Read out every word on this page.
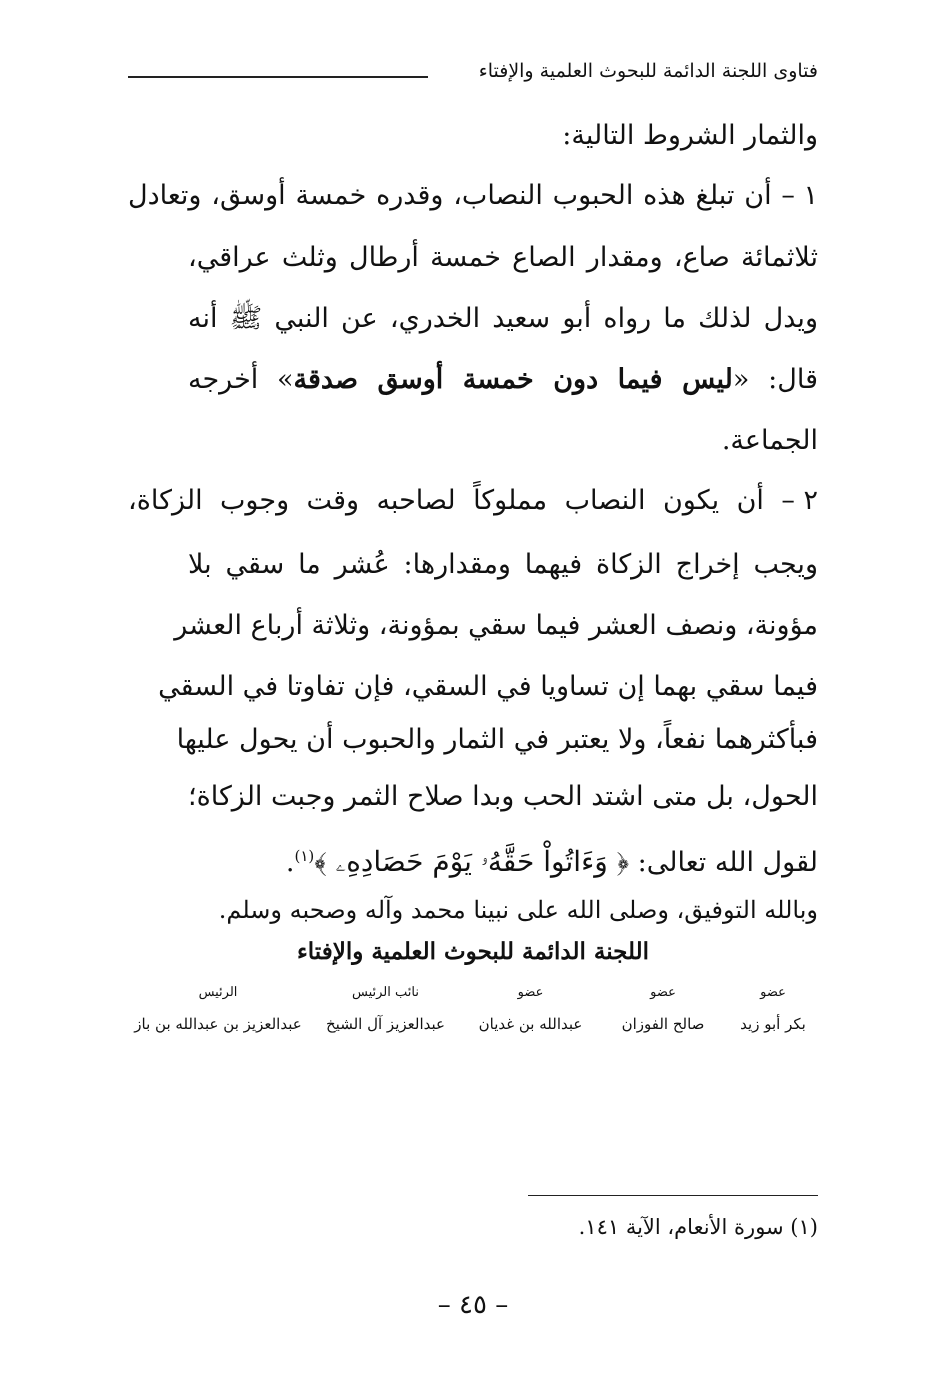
فتاوى اللجنة الدائمة للبحوث العلمية والإفتاء
والثمار الشروط التالية:
١ – أن تبلغ هذه الحبوب النصاب، وقدره خمسة أوسق، وتعادل
ثلاثمائة صاع، ومقدار الصاع خمسة أرطال وثلث عراقي،
ويدل لذلك ما رواه أبو سعيد الخدري، عن النبي ﷺ أنه
قال: «ليس فيما دون خمسة أوسق صدقة» أخرجه
الجماعة.
٢ – أن يكون النصاب مملوكاً لصاحبه وقت وجوب الزكاة،
ويجب إخراج الزكاة فيهما ومقدارها: عُشر ما سقي بلا
مؤونة، ونصف العشر فيما سقي بمؤونة، وثلاثة أرباع العشر
فيما سقي بهما إن تساويا في السقي، فإن تفاوتا في السقي
فبأكثرهما نفعاً، ولا يعتبر في الثمار والحبوب أن يحول عليها
الحول، بل متى اشتد الحب وبدا صلاح الثمر وجبت الزكاة؛
لقول الله تعالى: ﴿ وَءَاتُواْ حَقَّهُۥ يَوْمَ حَصَادِهِۦ ﴾$^{(١)}$.
وبالله التوفيق، وصلى الله على نبينا محمد وآله وصحبه وسلم.
اللجنة الدائمة للبحوث العلمية والإفتاء
عضو
بكر أبو زيد
عضو
صالح الفوزان
عضو
عبدالله بن غديان
نائب الرئيس
عبدالعزيز آل الشيخ
الرئيس
عبدالعزيز بن عبدالله بن باز
(١) سورة الأنعام، الآية ١٤١.
– ٤٥ –
